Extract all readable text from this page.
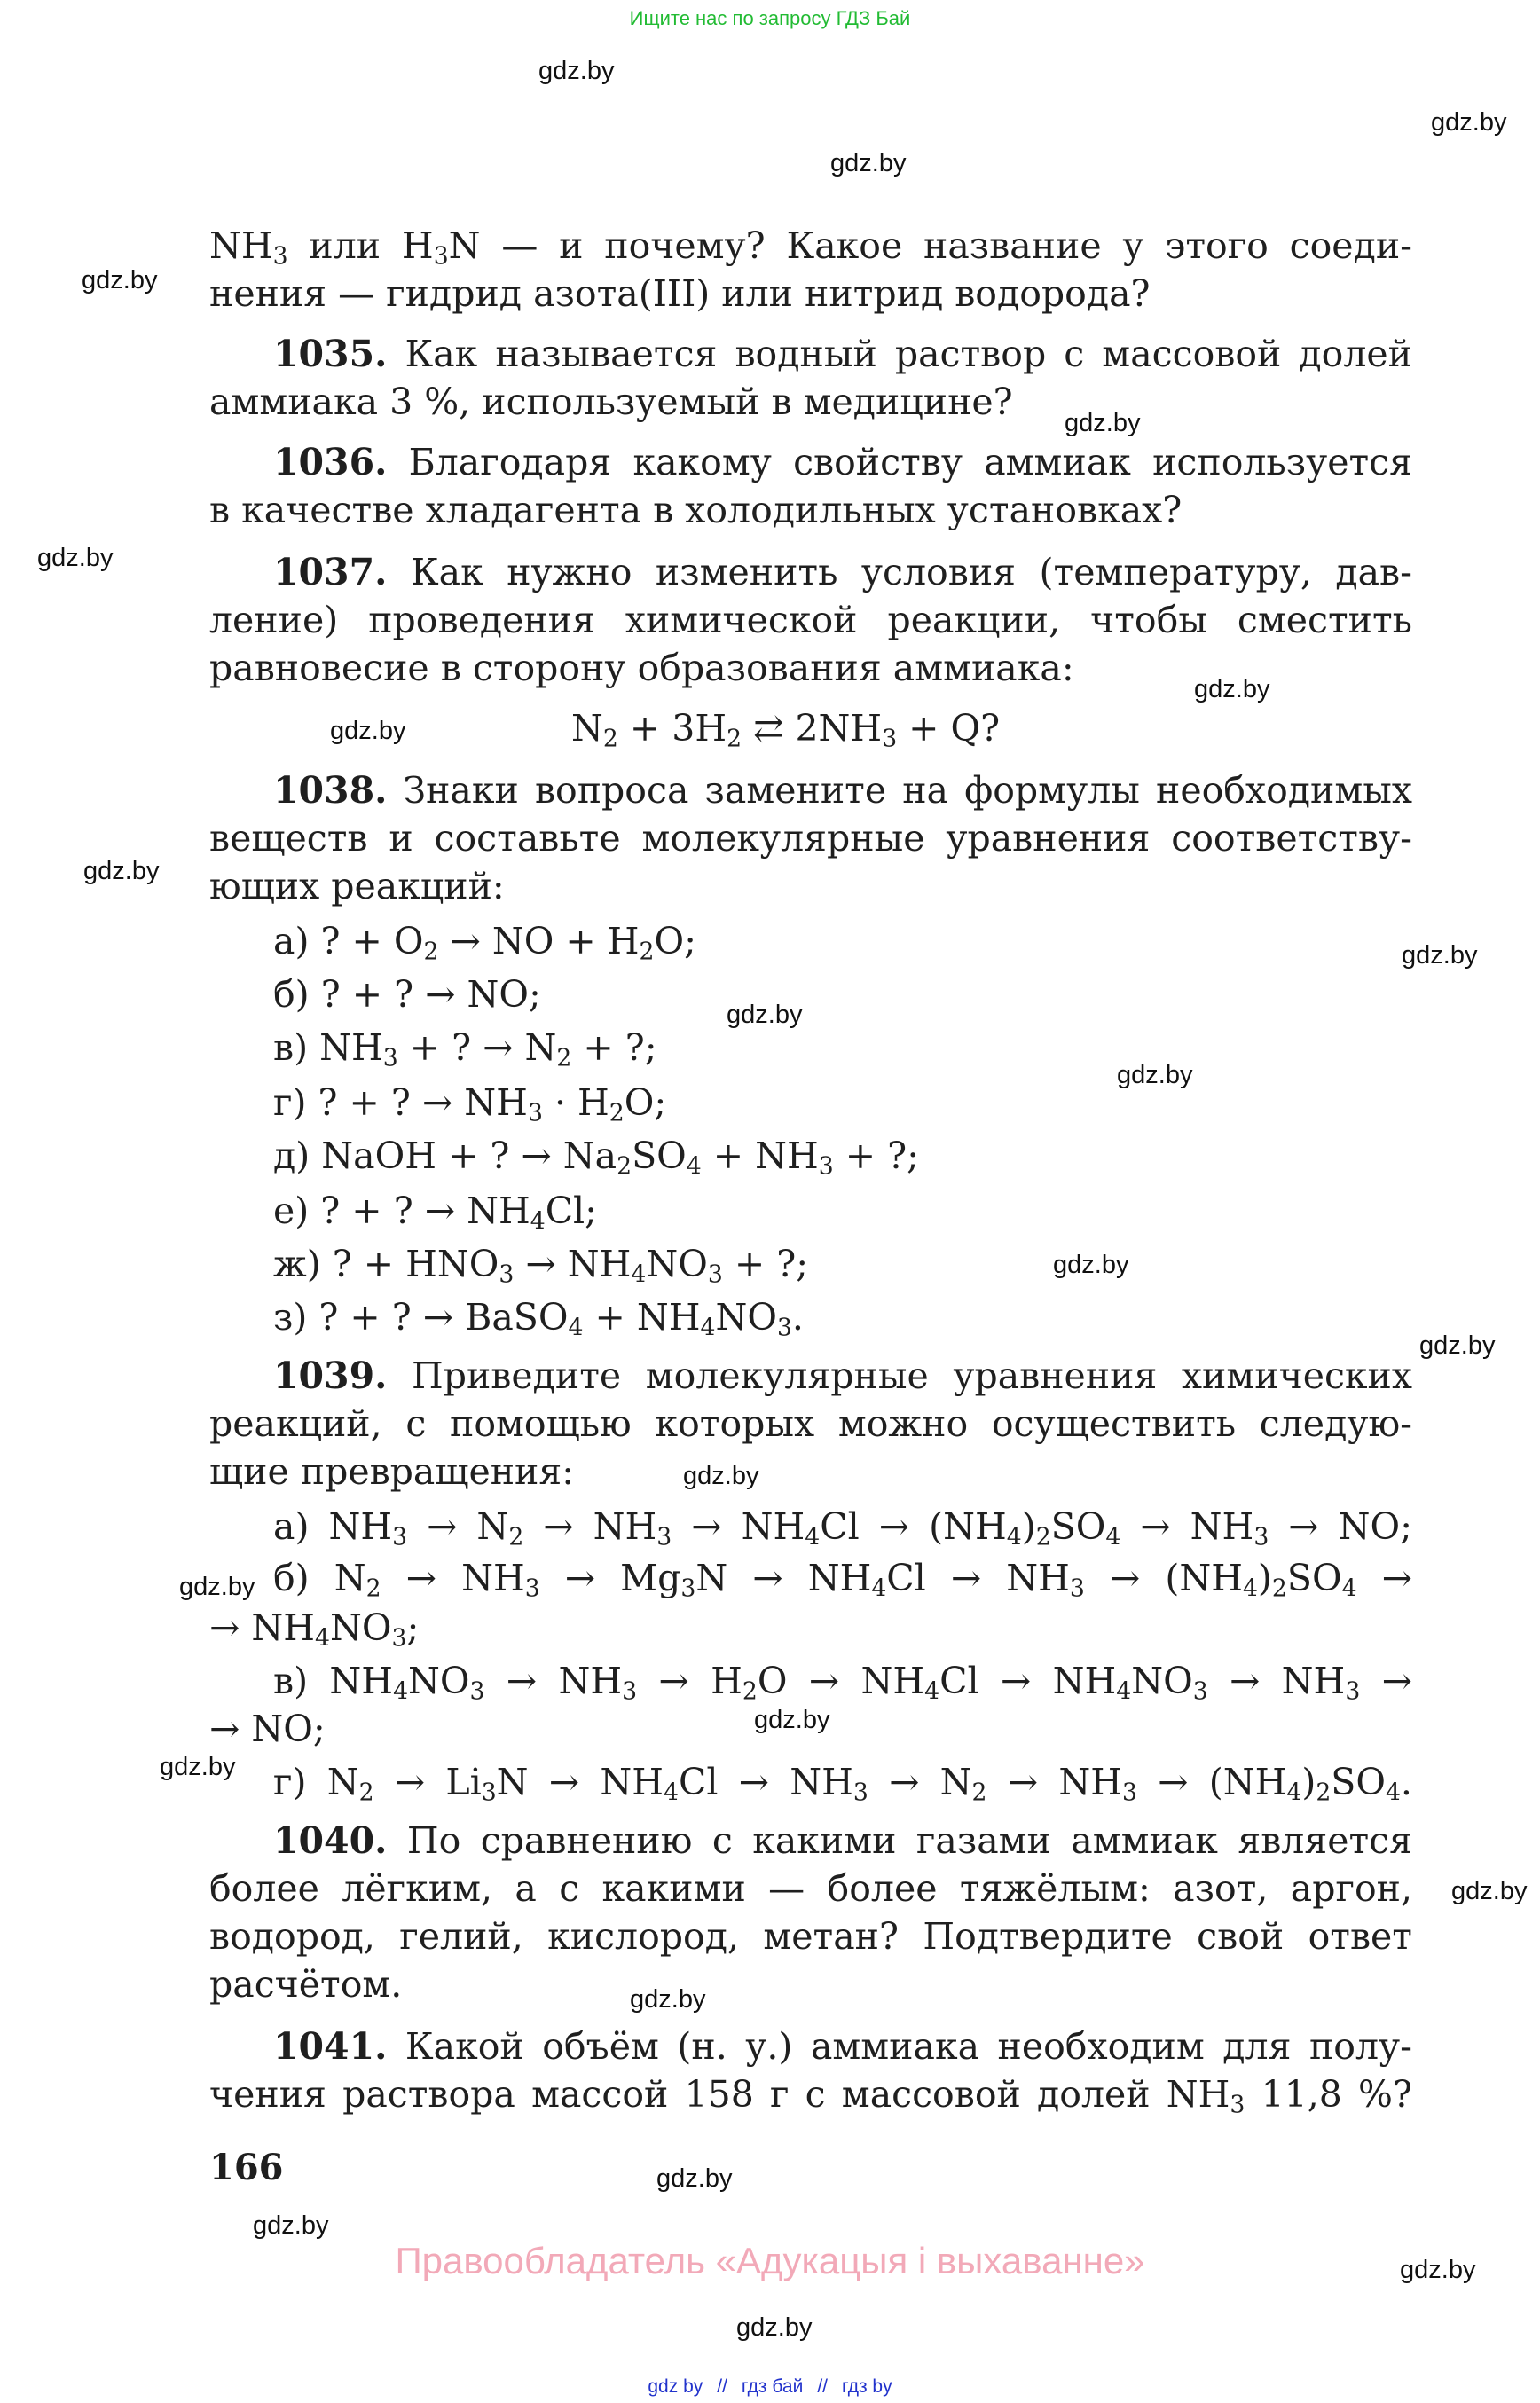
Ищите нас по запросу ГДЗ Бай
gdz.by
gdz.by
gdz.by
gdz.by
gdz.by
gdz.by
gdz.by
gdz.by
gdz.by
gdz.by
gdz.by
gdz.by
gdz.by
gdz.by
gdz.by
gdz.by
gdz.by
gdz.by
gdz.by
gdz.by
gdz.by
gdz.by
gdz.by
gdz.by
$NH_3$ или $H_3N$ — и почему? Какое название у этого соеди-
нения — гидрид азота(III) или нитрид водорода?
1035. Как называется водный раствор с массовой долей
аммиака 3 %, используемый в медицине?
1036. Благодаря какому свойству аммиак используется
в качестве хладагента в холодильных установках?
1037. Как нужно изменить условия (температуру, дав-
ление) проведения химической реакции, чтобы сместить
равновесие в сторону образования аммиака:
$N_2 + 3H_2$ ⇄ $2NH_3 + Q$?
1038. Знаки вопроса замените на формулы необходимых
веществ и составьте молекулярные уравнения соответству-
ющих реакций:
а) ? + $O_2$ → NO + $H_2O$;
б) ? + ? → NO;
в) $NH_3$ + ? → $N_2$ + ?;
г) ? + ? → $NH_3 \cdot H_2O$;
д) NaOH + ? → $Na_2SO_4 + NH_3$ + ?;
е) ? + ? → $NH_4Cl$;
ж) ? + $HNO_3 \to NH_4NO_3$ + ?;
з) ? + ? → BaSO$_4$ + $NH_4NO_3$.
1039. Приведите молекулярные уравнения химических
реакций, с помощью которых можно осуществить следую-
щие превращения:
а) $NH_3 \to N_2 \to NH_3 \to NH_4Cl \to (NH_4)_2SO_4 \to NH_3$ → NO;
б) $N_2 \to NH_3 \to Mg_3N \to NH_4Cl \to NH_3 \to (NH_4)_2SO_4$ →
→ $NH_4NO_3$;
в) $NH_4NO_3 \to NH_3 \to H_2O \to NH_4Cl \to NH_4NO_3 \to NH_3$ →
→ NO;
г) $N_2 \to Li_3N \to NH_4Cl \to NH_3 \to N_2 \to NH_3 \to (NH_4)_2SO_4$.
1040. По сравнению с какими газами аммиак является
более лёгким, а с какими — более тяжёлым: азот, аргон,
водород, гелий, кислород, метан? Подтвердите свой ответ
расчётом.
1041. Какой объём (н. у.) аммиака необходим для полу-
чения раствора массой 158 г с массовой долей $NH_3$ 11,8 %?
166
Правообладатель «Адукацыя і выхаванне»
gdz by // гдз бай // гдз by
